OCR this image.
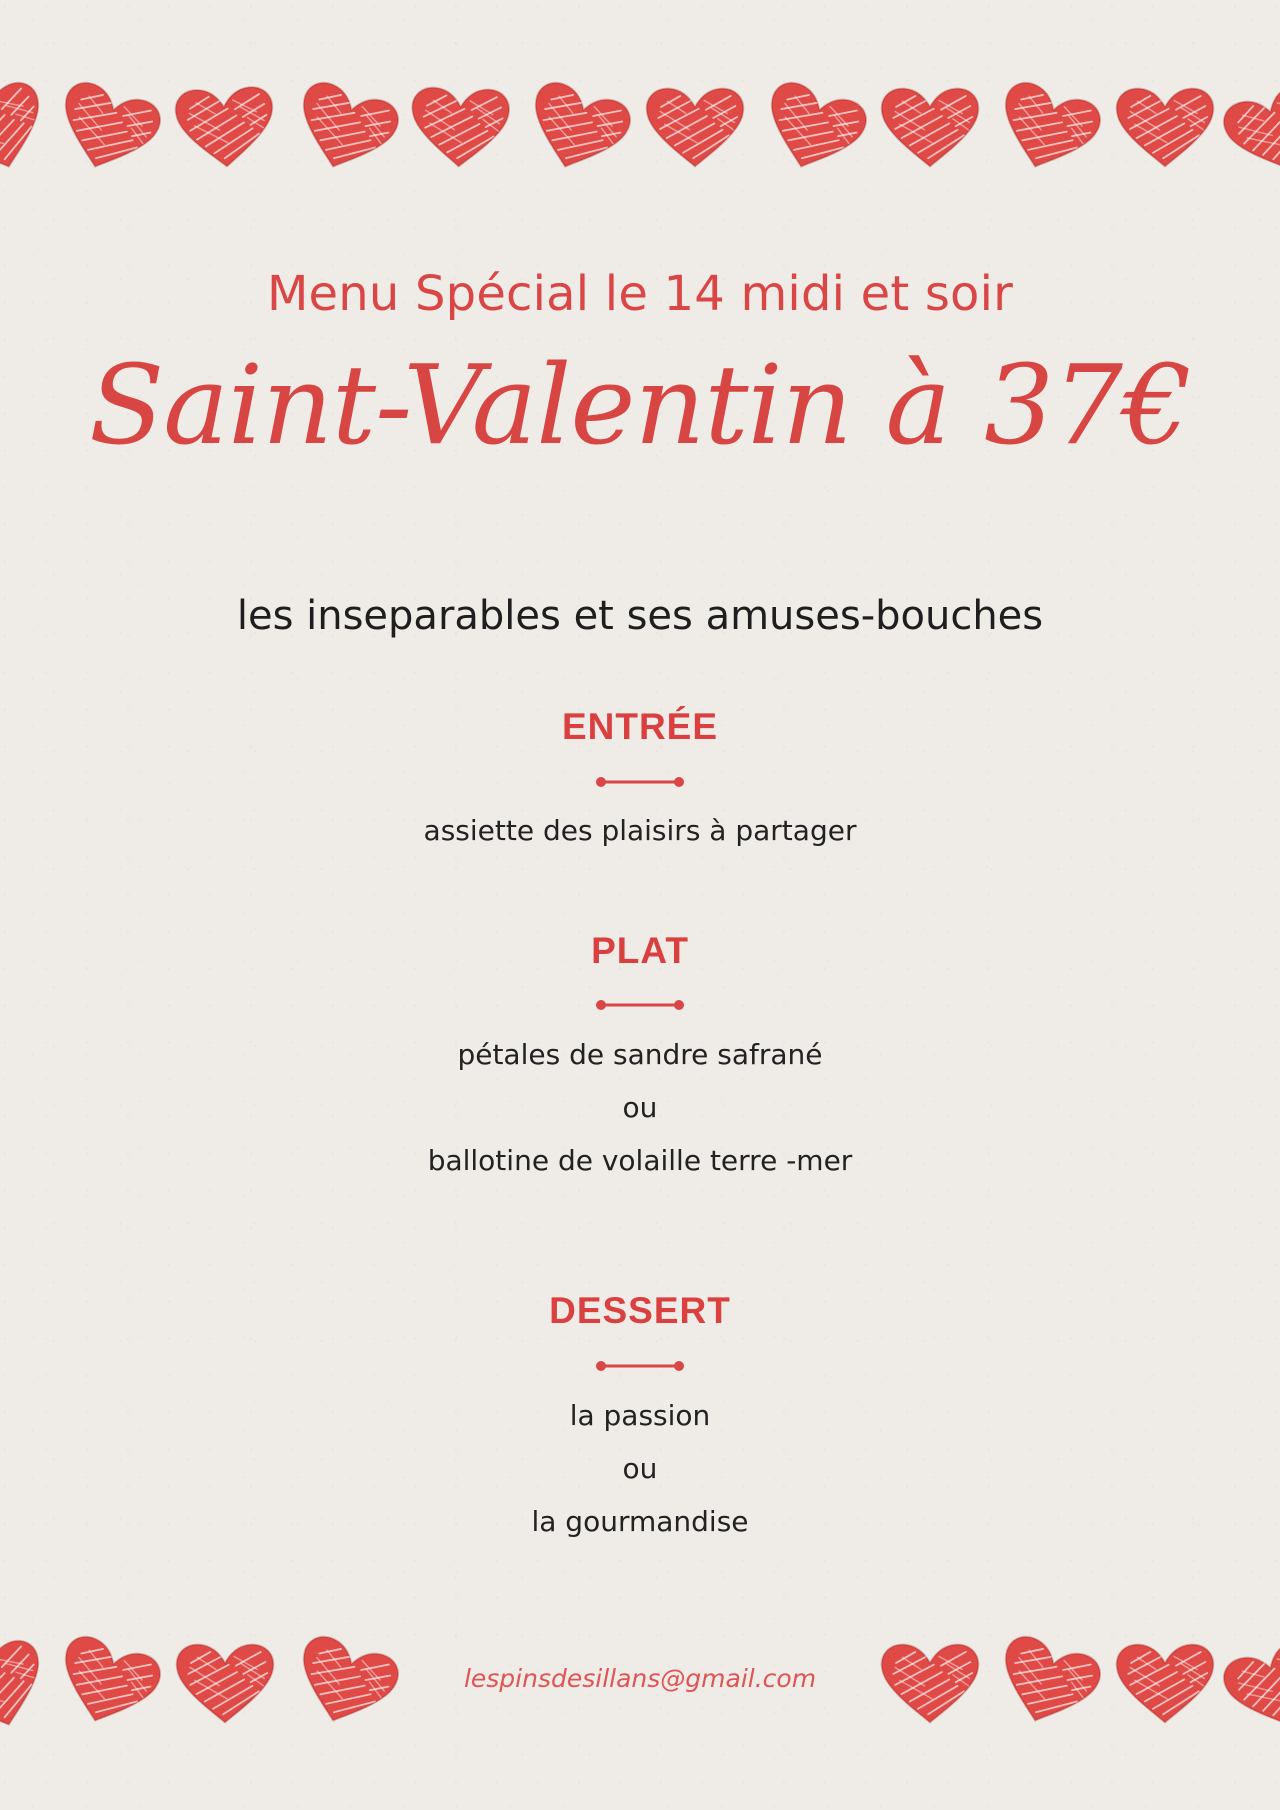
Menu Spécial le 14 midi et soir
Saint-Valentin à 37€
les inseparables et ses amuses-bouches
ENTRÉE
assiette des plaisirs à partager
PLAT
pétales de sandre safrané
ou
ballotine de volaille terre -mer
DESSERT
la passion
ou
la gourmandise
lespinsdesillans@gmail.com
